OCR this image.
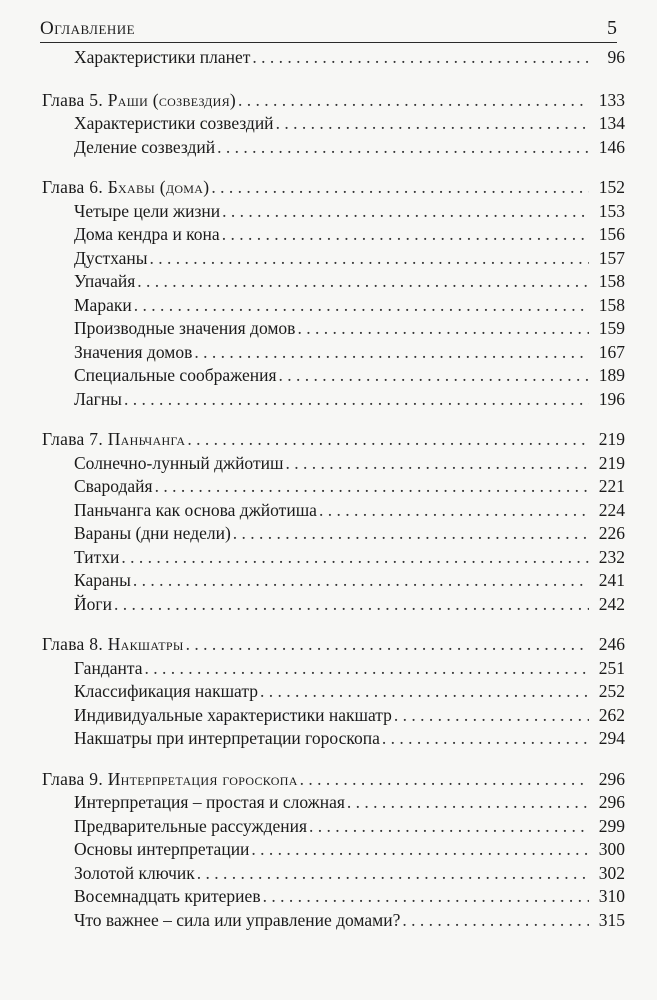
Оглавление	5
Характеристики планет . . .	96
Глава 5. Раши (созвездия) . . .	133
Характеристики созвездий . . .	134
Деление созвездий . . .	146
Глава 6. Бхавы (дома) . . .	152
Четыре цели жизни . . .	153
Дома кендра и кона . . .	156
Дустханы . . .	157
Упачайя . . .	158
Мараки . . .	158
Производные значения домов . . .	159
Значения домов . . .	167
Специальные соображения . . .	189
Лагны . . .	196
Глава 7. Паньчанга . . .	219
Солнечно-лунный джйотиш . . .	219
Свародайя . . .	221
Паньчанга как основа джйотиша . . .	224
Вараны (дни недели) . . .	226
Титхи . . .	232
Караны . . .	241
Йоги . . .	242
Глава 8. Накшатры . . .	246
Ганданта . . .	251
Классификация накшатр . . .	252
Индивидуальные характеристики накшатр . . .	262
Накшатры при интерпретации гороскопа . . .	294
Глава 9. Интерпретация гороскопа . . .	296
Интерпретация – простая и сложная . . .	296
Предварительные рассуждения . . .	299
Основы интерпретации . . .	300
Золотой ключик . . .	302
Восемнадцать критериев . . .	310
Что важнее – сила или управление домами? . . .	315
